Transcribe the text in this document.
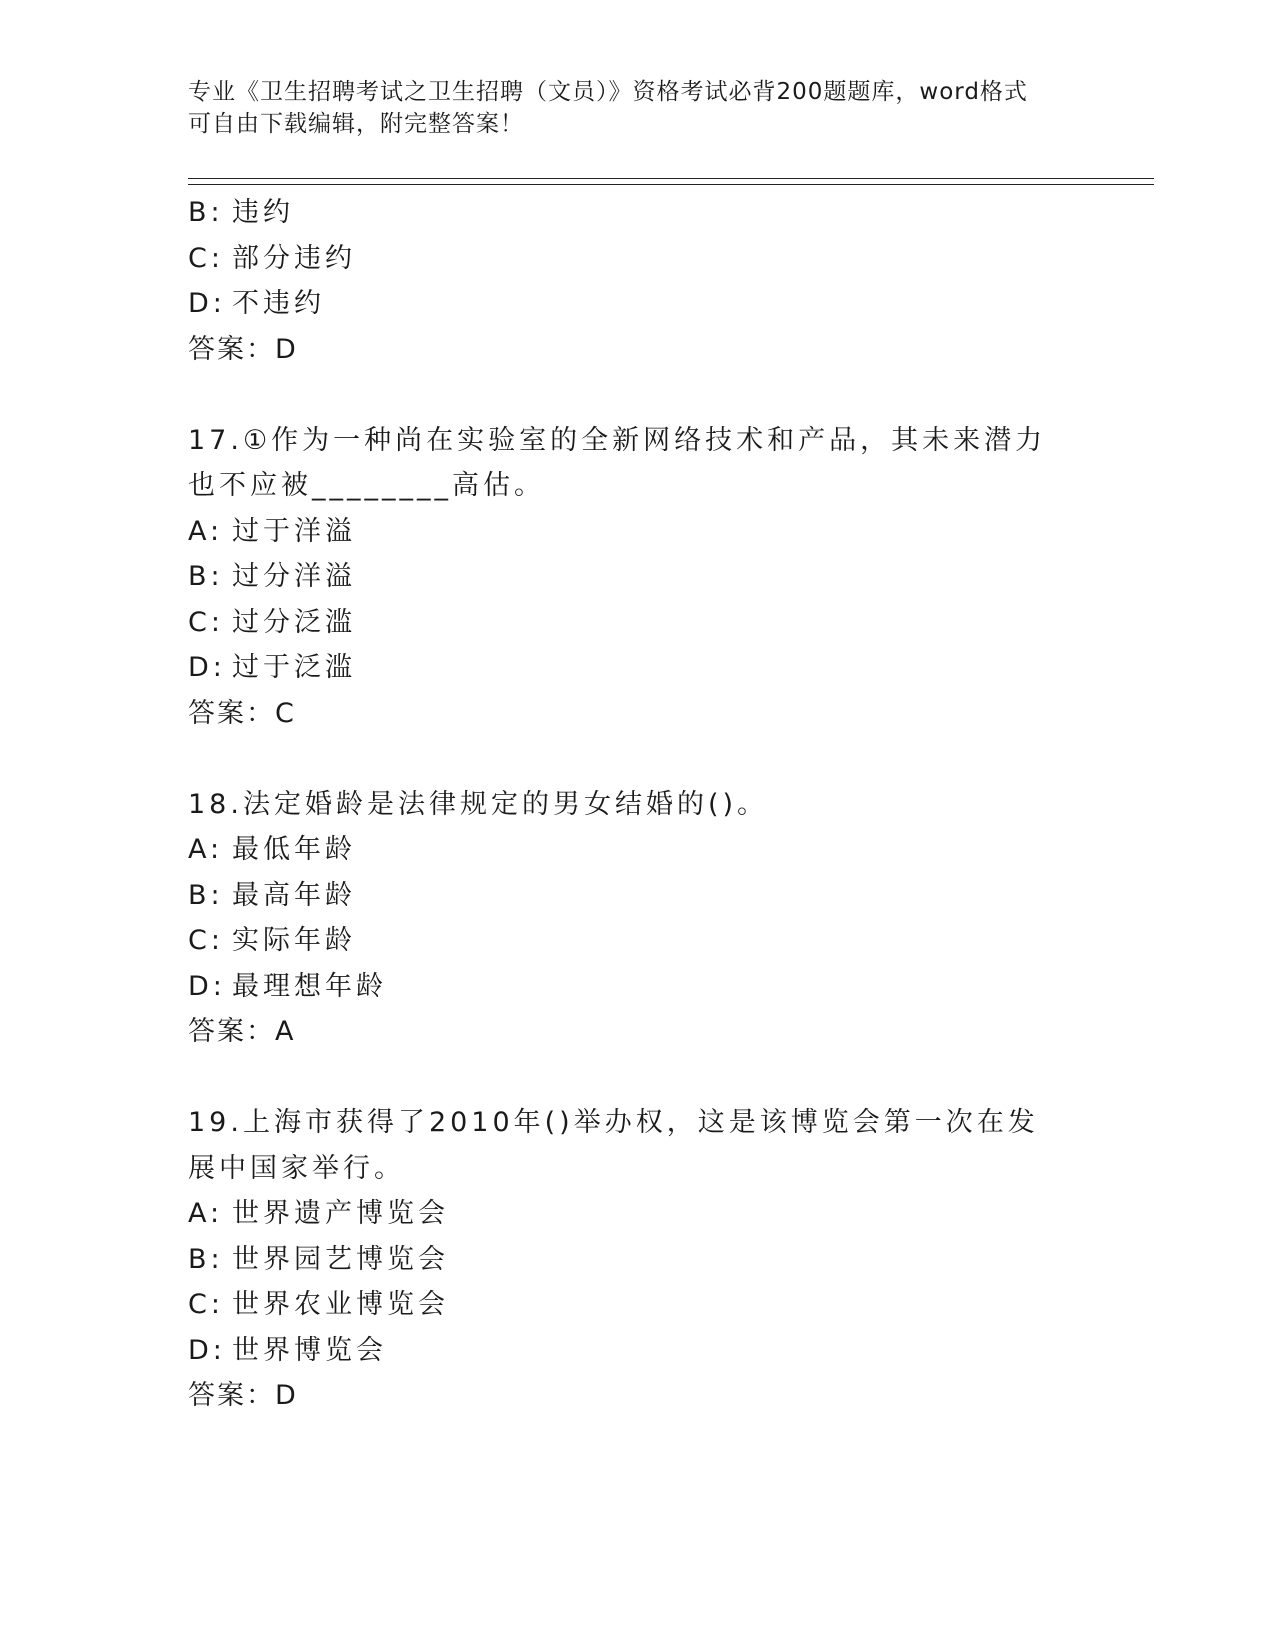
专业《卫生招聘考试之卫生招聘（文员）》资格考试必背200题题库，word格式
可自由下载编辑，附完整答案！
B: 违约
C: 部分违约
D: 不违约
答案：D
17.①作为一种尚在实验室的全新网络技术和产品，其未来潜力也不应被________高估。
A: 过于洋溢
B: 过分洋溢
C: 过分泛滥
D: 过于泛滥
答案：C
18.法定婚龄是法律规定的男女结婚的()。
A: 最低年龄
B: 最高年龄
C: 实际年龄
D: 最理想年龄
答案：A
19.上海市获得了2010年()举办权，这是该博览会第一次在发展中国家举行。
A: 世界遗产博览会
B: 世界园艺博览会
C: 世界农业博览会
D: 世界博览会
答案：D
